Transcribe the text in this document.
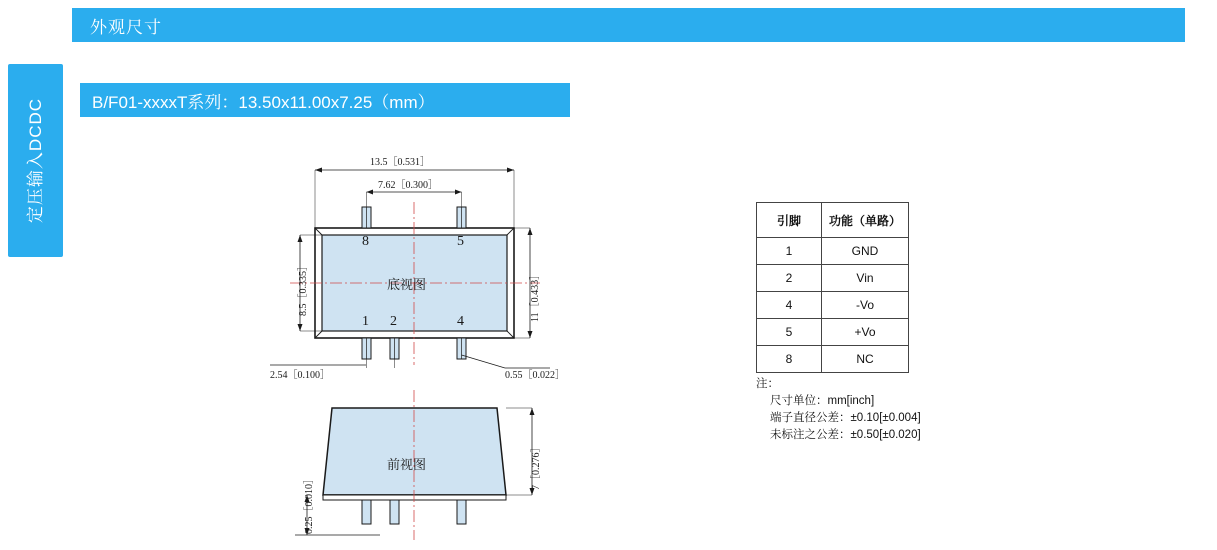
外观尺寸
定压输入DCDC	B/F01-xxxxT系列：13.50x11.00x7.25（mm）
13.5［0.531］
7.62［0.300］
8.5［0.335］	11［0.433］
2.54［0.100］	0.55［0.022］
0.25［0.010］
7［0.276］
8	5
1 2	4
底视图
前视图
引脚	功能（单路）
1	GND
2	Vin
4	-Vo
5	+Vo
8	NC
注：
尺寸单位：mm[inch]
端子直径公差：±0.10[±0.004]
未标注之公差：±0.50[±0.020]
